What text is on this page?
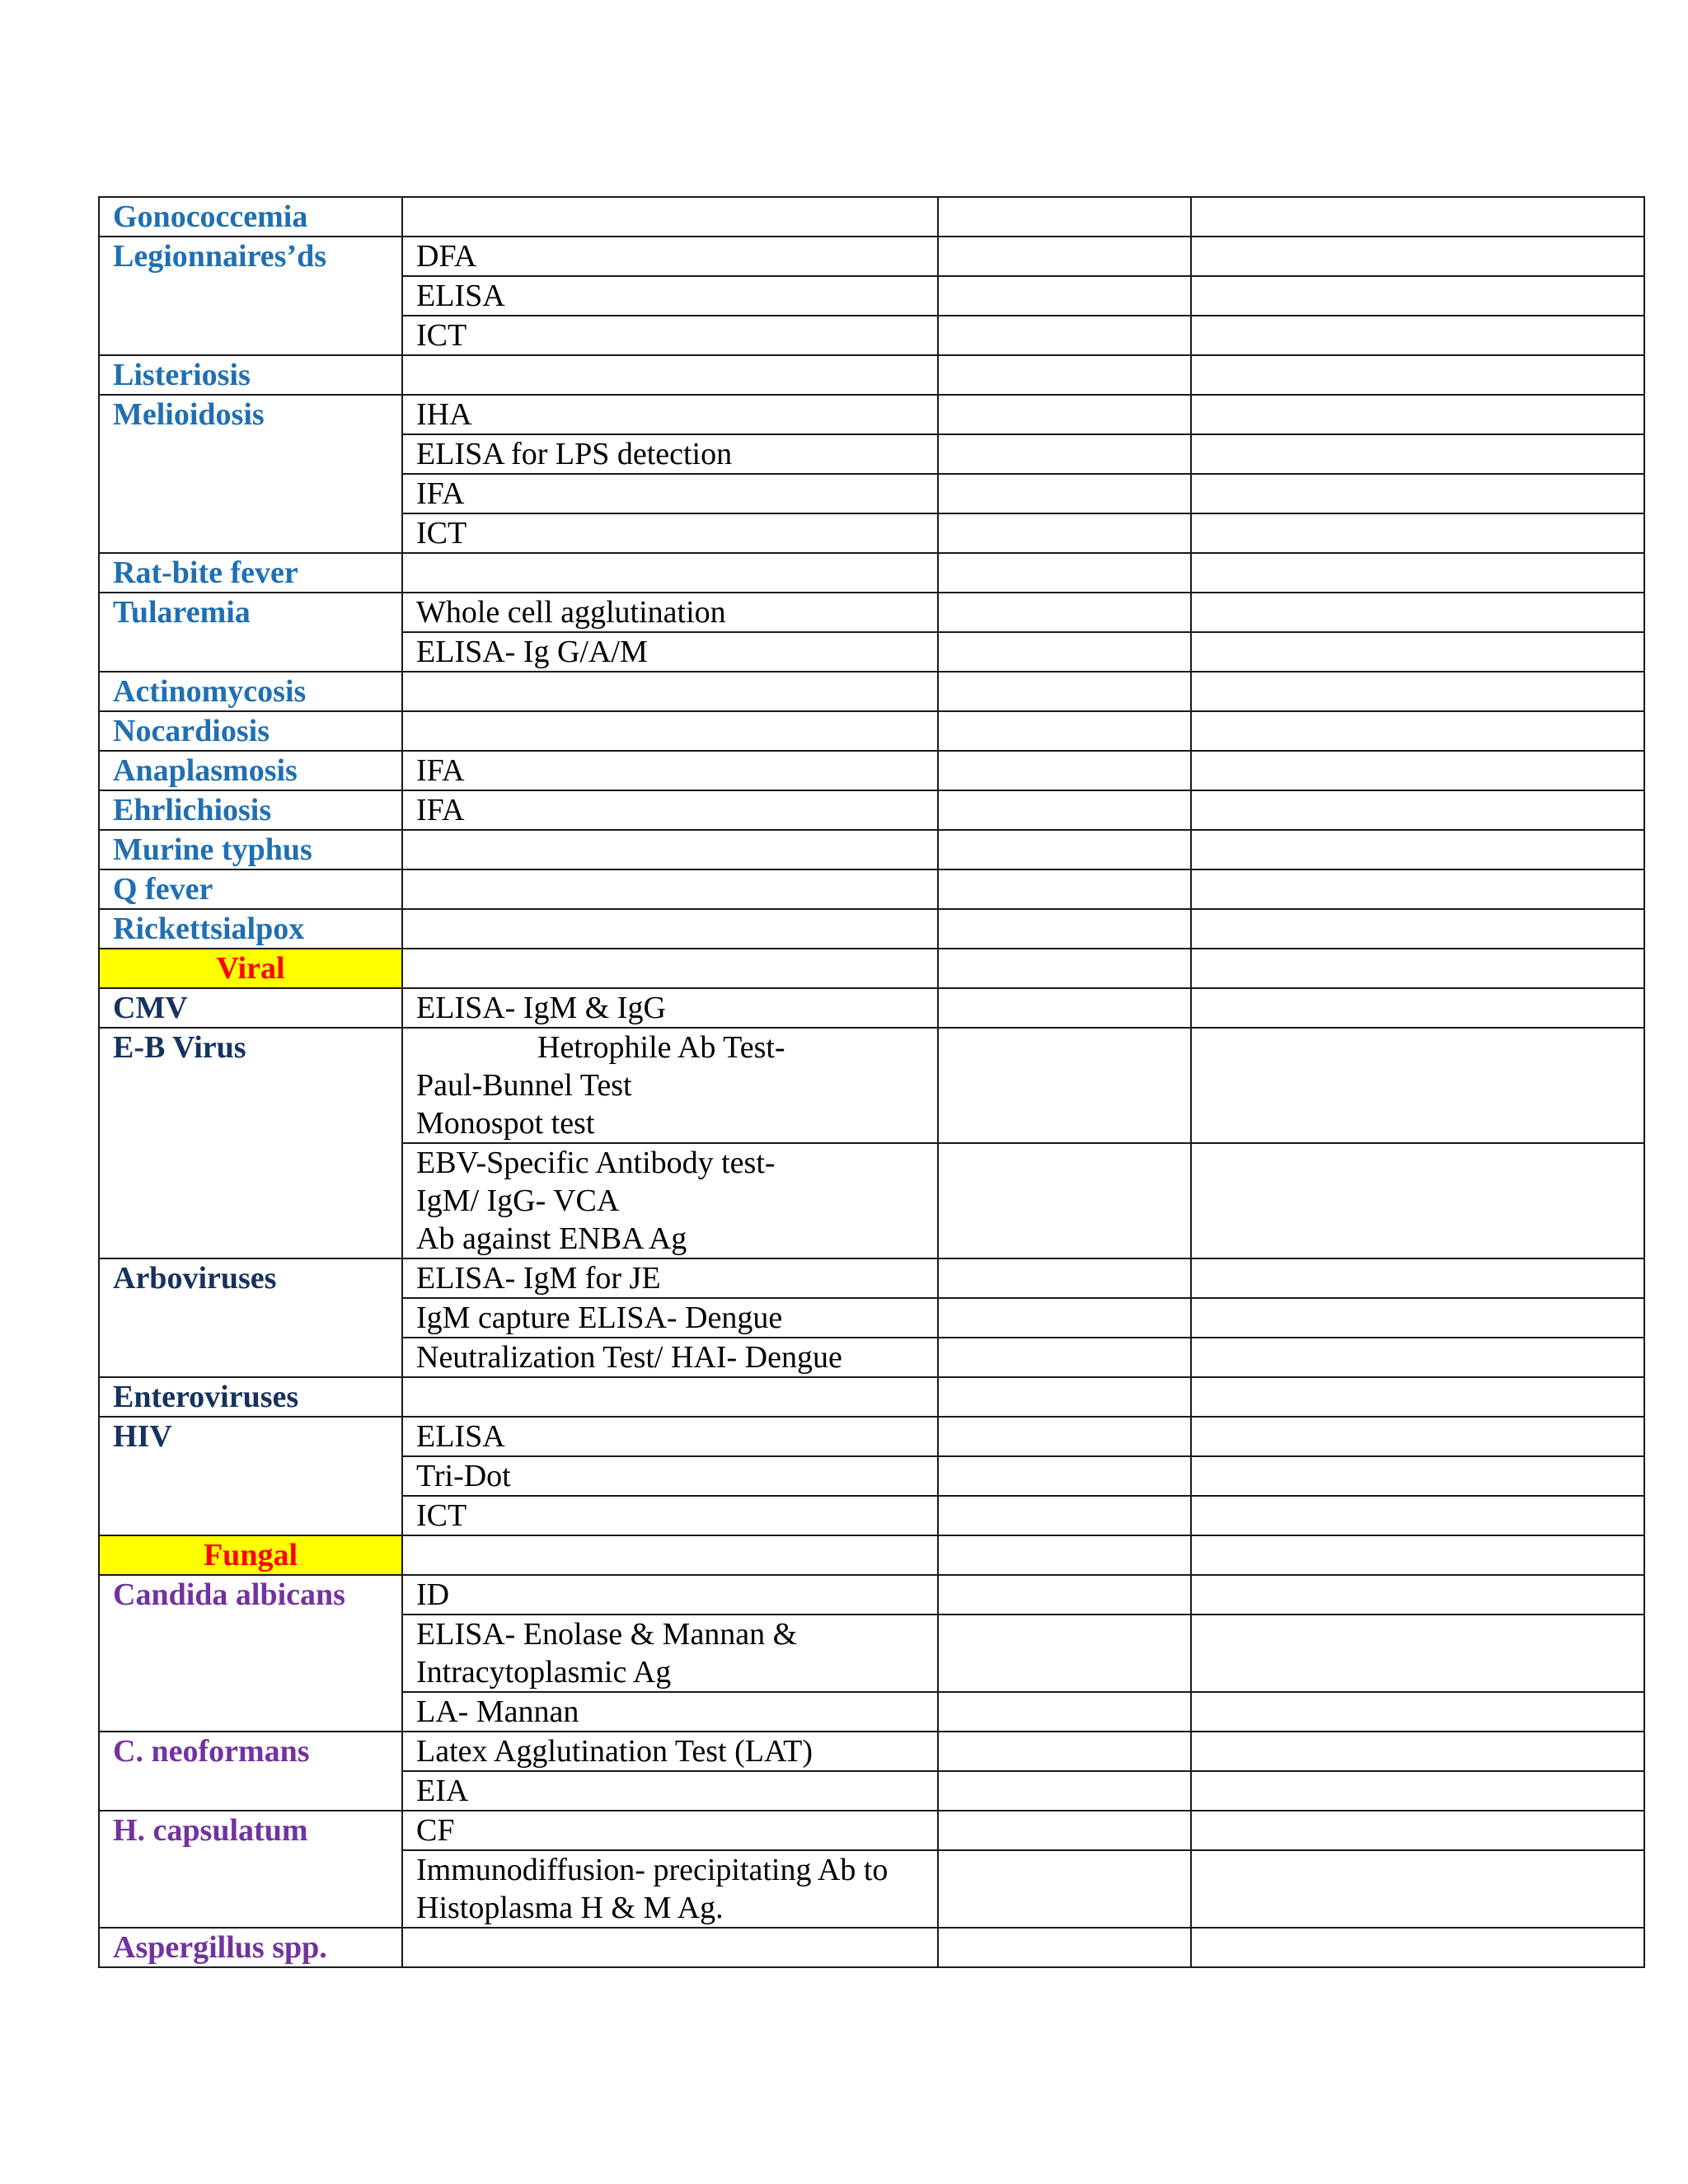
Gonococcemia			
Legionnaires’ds	DFA		
	ELISA		
	ICT		
Listeriosis			
Melioidosis	IHA		
	ELISA for LPS detection		
	IFA		
	ICT		
Rat-bite fever			
Tularemia	Whole cell agglutination		
	ELISA- Ig G/A/M		
Actinomycosis			
Nocardiosis			
Anaplasmosis	IFA		
Ehrlichiosis	IFA		
Murine typhus			
Q fever			
Rickettsialpox			
Viral			
CMV	ELISA- IgM & IgG		
E-B Virus	Hetrophile Ab Test-
Paul-Bunnel Test
Monospot test		

	EBV-Specific Antibody test-
IgM/ IgG- VCA
Ab against ENBA Ag		

Arboviruses	ELISA- IgM for JE		
	IgM capture ELISA- Dengue		
	Neutralization Test/ HAI- Dengue		
Enteroviruses			
HIV	ELISA		
	Tri-Dot		
	ICT		
Fungal			
Candida albicans	ID		

	ELISA- Enolase & Mannan &
Intracytoplasmic Ag		

	LA- Mannan		
C. neoformans	Latex Agglutination Test (LAT)		
	EIA		
H. capsulatum	CF		

	Immunodiffusion- precipitating Ab to
Histoplasma H & M Ag.		

Aspergillus spp.			
